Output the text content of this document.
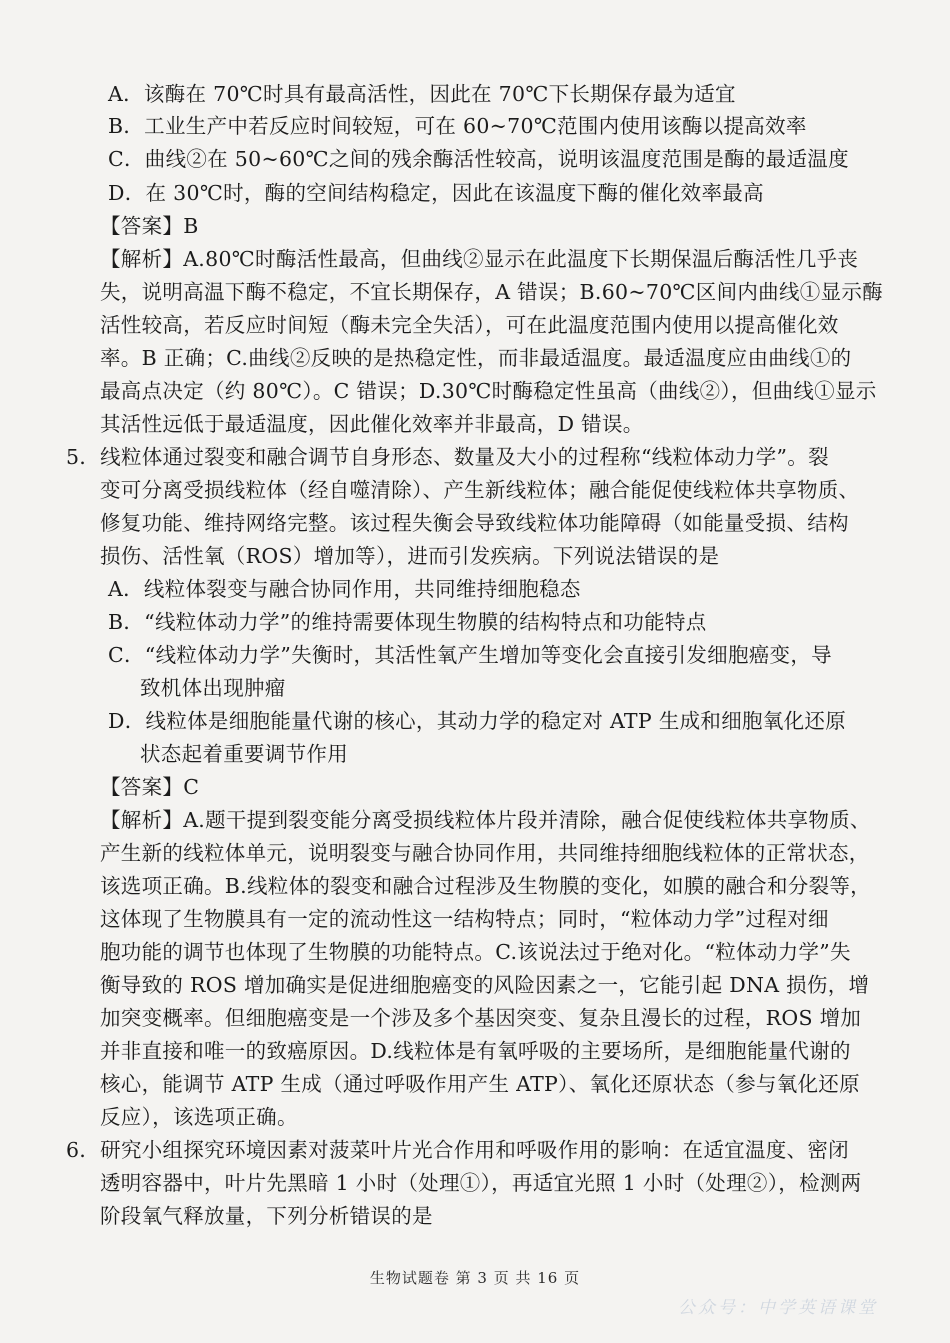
A．该酶在 70℃时具有最高活性，因此在 70℃下长期保存最为适宜
B．工业生产中若反应时间较短，可在 60~70℃范围内使用该酶以提高效率
C．曲线②在 50~60℃之间的残余酶活性较高，说明该温度范围是酶的最适温度
D．在 30℃时，酶的空间结构稳定，因此在该温度下酶的催化效率最高
【答案】B
【解析】A.80℃时酶活性最高，但曲线②显示在此温度下长期保温后酶活性几乎丧
失，说明高温下酶不稳定，不宜长期保存，A 错误；B.60~70℃区间内曲线①显示酶
活性较高，若反应时间短（酶未完全失活），可在此温度范围内使用以提高催化效
率。B 正确；C.曲线②反映的是热稳定性，而非最适温度。最适温度应由曲线①的
最高点决定（约 80℃）。C 错误；D.30℃时酶稳定性虽高（曲线②），但曲线①显示
其活性远低于最适温度，因此催化效率并非最高，D 错误。
5．线粒体通过裂变和融合调节自身形态、数量及大小的过程称“线粒体动力学”。裂
变可分离受损线粒体（经自噬清除）、产生新线粒体；融合能促使线粒体共享物质、
修复功能、维持网络完整。该过程失衡会导致线粒体功能障碍（如能量受损、结构
损伤、活性氧（ROS）增加等），进而引发疾病。下列说法错误的是
A．线粒体裂变与融合协同作用，共同维持细胞稳态
B．“线粒体动力学”的维持需要体现生物膜的结构特点和功能特点
C．“线粒体动力学”失衡时，其活性氧产生增加等变化会直接引发细胞癌变，导
致机体出现肿瘤
D．线粒体是细胞能量代谢的核心，其动力学的稳定对 ATP 生成和细胞氧化还原
状态起着重要调节作用
【答案】C
【解析】A.题干提到裂变能分离受损线粒体片段并清除，融合促使线粒体共享物质、
产生新的线粒体单元，说明裂变与融合协同作用，共同维持细胞线粒体的正常状态，
该选项正确。B.线粒体的裂变和融合过程涉及生物膜的变化，如膜的融合和分裂等，
这体现了生物膜具有一定的流动性这一结构特点；同时，“粒体动力学”过程对细
胞功能的调节也体现了生物膜的功能特点。C.该说法过于绝对化。“粒体动力学”失
衡导致的 ROS 增加确实是促进细胞癌变的风险因素之一，它能引起 DNA 损伤，增
加突变概率。但细胞癌变是一个涉及多个基因突变、复杂且漫长的过程，ROS 增加
并非直接和唯一的致癌原因。D.线粒体是有氧呼吸的主要场所，是细胞能量代谢的
核心，能调节 ATP 生成（通过呼吸作用产生 ATP）、氧化还原状态（参与氧化还原
反应），该选项正确。
6．研究小组探究环境因素对菠菜叶片光合作用和呼吸作用的影响：在适宜温度、密闭
透明容器中，叶片先黑暗 1 小时（处理①），再适宜光照 1 小时（处理②），检测两
阶段氧气释放量，下列分析错误的是
生物试题卷 第 3 页 共 16 页
公众号：中学英语课堂
